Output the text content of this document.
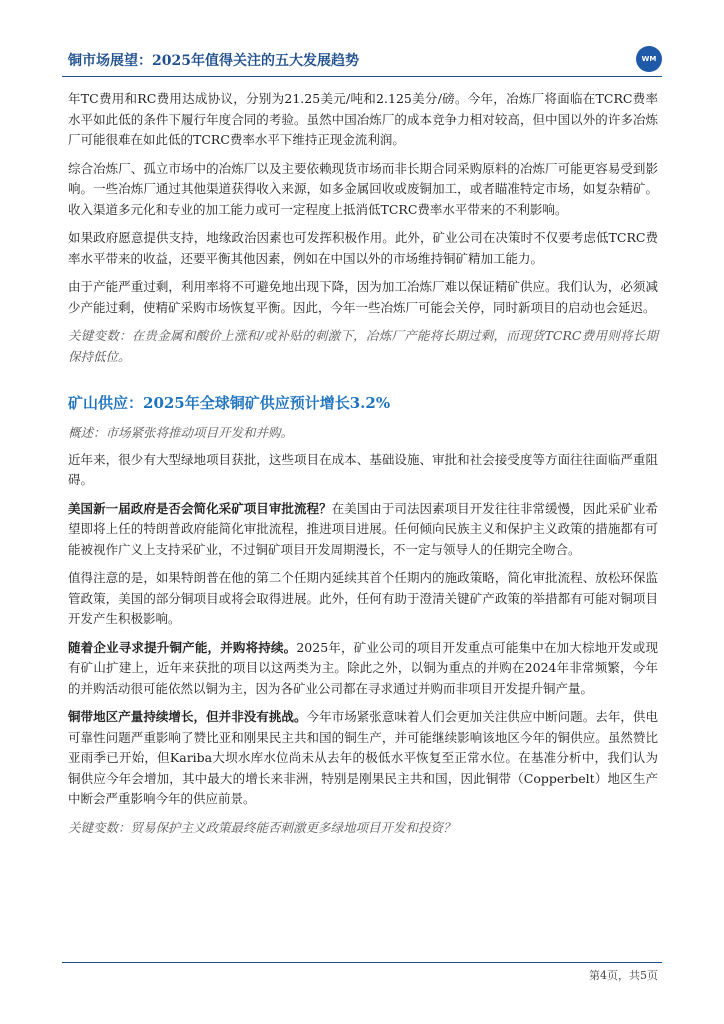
铜市场展望：2025年值得关注的五大发展趋势	WM

年TC费用和RC费用达成协议，分别为21.25美元/吨和2.125美分/磅。今年，冶炼厂将面临在TCRC费率水平如此低的条件下履行年度合同的考验。虽然中国冶炼厂的成本竞争力相对较高，但中国以外的许多冶炼厂可能很难在如此低的TCRC费率水平下维持正现金流利润。

综合冶炼厂、孤立市场中的冶炼厂以及主要依赖现货市场而非长期合同采购原料的冶炼厂可能更容易受到影响。一些冶炼厂通过其他渠道获得收入来源，如多金属回收或废铜加工，或者瞄准特定市场，如复杂精矿。收入渠道多元化和专业的加工能力或可一定程度上抵消低TCRC费率水平带来的不利影响。

如果政府愿意提供支持，地缘政治因素也可发挥积极作用。此外，矿业公司在决策时不仅要考虑低TCRC费率水平带来的收益，还要平衡其他因素，例如在中国以外的市场维持铜矿精加工能力。

由于产能严重过剩，利用率将不可避免地出现下降，因为加工冶炼厂难以保证精矿供应。我们认为，必须减少产能过剩，使精矿采购市场恢复平衡。因此，今年一些冶炼厂可能会关停，同时新项目的启动也会延迟。

关键变数：在贵金属和酸价上涨和/或补贴的刺激下，冶炼厂产能将长期过剩，而现货TCRC费用则将长期保持低位。

矿山供应：2025年全球铜矿供应预计增长3.2%

概述：市场紧张将推动项目开发和并购。

近年来，很少有大型绿地项目获批，这些项目在成本、基础设施、审批和社会接受度等方面往往面临严重阻碍。

美国新一届政府是否会简化采矿项目审批流程？在美国由于司法因素项目开发往往非常缓慢，因此采矿业希望即将上任的特朗普政府能简化审批流程，推进项目进展。任何倾向民族主义和保护主义政策的措施都有可能被视作广义上支持采矿业，不过铜矿项目开发周期漫长，不一定与领导人的任期完全吻合。

值得注意的是，如果特朗普在他的第二个任期内延续其首个任期内的施政策略，简化审批流程、放松环保监管政策，美国的部分铜项目或将会取得进展。此外，任何有助于澄清关键矿产政策的举措都有可能对铜项目开发产生积极影响。

随着企业寻求提升铜产能，并购将持续。2025年，矿业公司的项目开发重点可能集中在加大棕地开发或现有矿山扩建上，近年来获批的项目以这两类为主。除此之外，以铜为重点的并购在2024年非常频繁，今年的并购活动很可能依然以铜为主，因为各矿业公司都在寻求通过并购而非项目开发提升铜产量。

铜带地区产量持续增长，但并非没有挑战。今年市场紧张意味着人们会更加关注供应中断问题。去年，供电可靠性问题严重影响了赞比亚和刚果民主共和国的铜生产，并可能继续影响该地区今年的铜供应。虽然赞比亚雨季已开始，但Kariba大坝水库水位尚未从去年的极低水平恢复至正常水位。在基准分析中，我们认为铜供应今年会增加，其中最大的增长来非洲，特别是刚果民主共和国，因此铜带（Copperbelt）地区生产中断会严重影响今年的供应前景。

关键变数：贸易保护主义政策最终能否刺激更多绿地项目开发和投资？

第4页，共5页
